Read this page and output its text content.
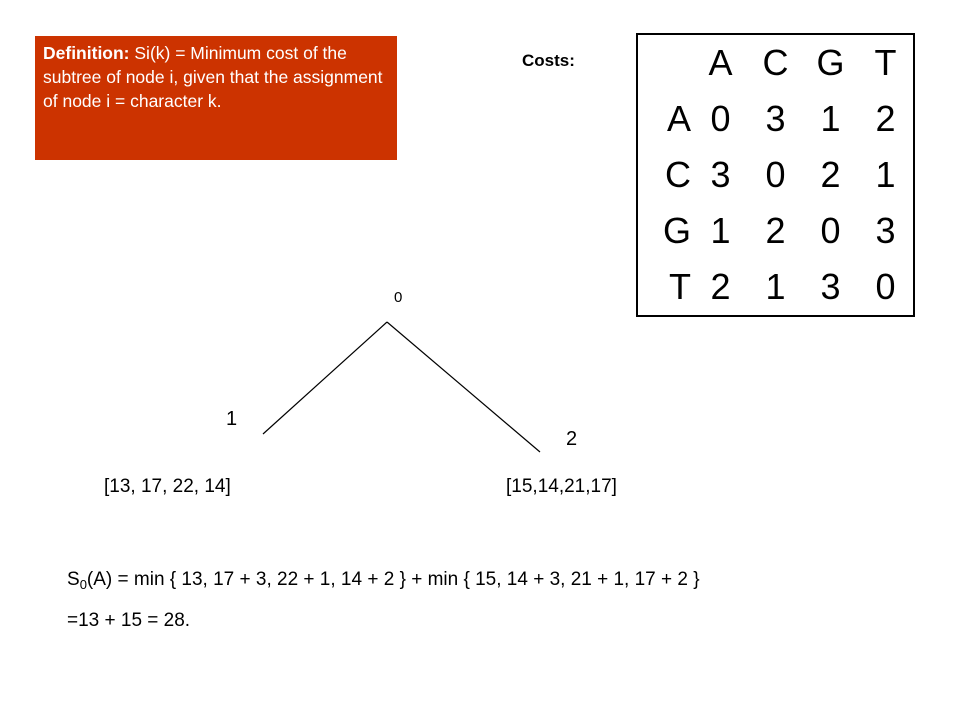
Definition: Si(k) = Minimum cost of the subtree of node i, given that the assignment of node i = character k.
Costs:
		A	C	G	T
A	0	3	1	2
C	3	0	2	1
G	1	2	0	3
T	2	1	3	0
0
1
2
[13, 17, 22, 14]	[15,14,21,17]
$S_0(A) = \min$ { 13, 17 + 3, 22 + 1, 14 + 2 } + min { 15, 14 + 3, 21 + 1, 17 + 2 }
=13 + 15 = 28.
